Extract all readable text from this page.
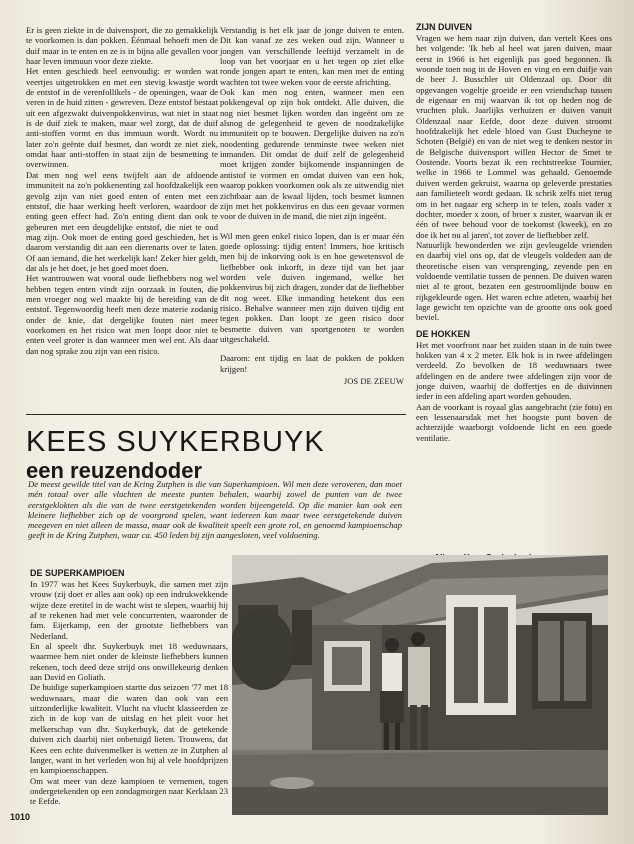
Er is geen ziekte in de duivensport, die zo gemakkelijk te voorkomen is dan pokken. Éénmaal behoeft men de duif maar in te enten en ze is in bijna alle gevallen voor haar leven immuun voor deze ziekte.

Het enten geschiedt heel eenvoudig: er worden wat veertjes uitgetrokken en met een stevig kwastje wordt de entstof in de verenfollikels - de openingen, waar de veren in de huid zitten - gewreven. Deze entstof bestaat uit een afgezwakt duivenpokkenvirus, wat niet in staat is de duif ziek te maken, maar wel zorgt, dat de duif anti-stoffen vormt en dus immuun wordt. Wordt nu later zo'n geënte duif besmet, dan wordt ze niet ziek, omdat haar anti-stoffen in staat zijn de besmetting te overwinnen.

Dat men nog wel eens twijfelt aan de afdoende immuniteit na zo'n pokkenenting zal hoofdzakelijk een gevolg zijn van niet goed enten of enten met een entstof, die haar werking heeft verloren, waardoor de enting geen effect had. Zo'n enting dient dan ook te gebeuren met een deugdelijke entstof, die niet te oud mag zijn. Ook moet de enting goed geschieden, het is daarom verstandig dit aan een dierenarts over te laten. Of aan iemand, die het werkelijk kan! Zeker hier geldt, dat als je het doet, je het goed moet doen.

Het wantrouwen wat vooral oude liefhebbers nog wel hebben tegen enten vindt zijn oorzaak in fouten, die men vroeger nog wel maakte bij de bereiding van de entstof. Tegenwoordig heeft men deze materie zodanig onder de knie, dat dergelijke fouten niet meer voorkomen en het risico wat men loopt door niet te enten veel groter is dan wanneer men wel ent. Als daar dan nog sprake zou zijn van een risico.

Verstandig is het elk jaar de jonge duiven te enten. Dit kan vanaf ze zes weken oud zijn. Wanneer u jongen van verschillende leeftijd verzamelt in de loop van het voorjaar en u het tegen op ziet elke ronde jongen apart te enten, kan men met de enting wachten tot twee weken voor de eerste africhting.

Ook kan men nog enten, wanneer men een pokkengeval op zijn hok ontdekt. Alle duiven, die nog niet besmet lijken worden dan ingeënt om ze alsnog de gelegenheid te geven de noodzakelijke immuniteit op te bouwen. Dergelijke duiven na zo'n noodenting gedurende tenminste twee weken niet inmanden. Dit omdat de duif zelf de gelegenheid moet krijgen zonder bijkomende inspanningen de antistof te vormen en omdat duiven van een hok, waarop pokken voorkomen ook als ze uitwendig niet zichtbaar aan de kwaal lijden, toch besmet kunnen zijn met het pokkenvirus en dus een gevaar vormen voor de duiven in de mand, die niet zijn ingeënt.

Wil men geen enkel risico lopen, dan is er maar één goede oplossing: tijdig enten! Immers, hoe kritisch men bij de inkorving ook is en hoe gewetensvol de liefhebber ook inkorft, in deze tijd van het jaar worden vele duiven ingemand, welke het pokkenvirus bij zich dragen, zonder dat de liefhebber dit nog weet. Elke inmanding betekent dus een risico. Behalve wanneer men zijn duiven tijdig ent tegen pokken. Dan loopt ze geen risico door besmette duiven van sportgenoten te worden uitgeschakeld.

Daarom: ent tijdig en laat de pokken de pokken krijgen!

JOS DE ZEEUW
ZIJN DUIVEN

Vragen we hem naar zijn duiven, dan vertelt Kees ons het volgende: 'Ik heb al heel wat jaren duiven, maar eerst in 1966 is het eigenlijk pas goed begonnen. Ik woonde toen nog in de Hoven en ving en een duifje van de heer J. Busschler uit Oldenzaal op. Door dit opgevangen vogeltje groeide er een vriendschap tussen de eigenaar en mij waarvan ik tot op heden nog de vruchten pluk. Jaarlijks verhuizen er duiven vanuit Oldenzaal naar Eefde, door deze duiven stroomt hoofdzakelijk het edele bloed van Gust Ducheyne te Schoten (België) en van de niet weg te denken nestor in de Belgische duivensport willen Hector de Smet te Oostende. Voorts bezat ik een rechtstreekse Tournier, welke in 1966 te Lommel was gehaald. Genoemde duiven werden gekruist, waarna op geleverde prestaties aan familieteelt wordt gedaan. Ik schrik zelfs niet terug om in het nagaar erg scherp in te telen, zoals vader x dochter, moeder x zoon, of broer x zuster, waarvan ik er één of twee behoud voor de toekomst (kweek), en zo doe ik het nu al jaren', tot zover de liefhebber zelf.

Natuurlijk bewonderden we zijn gevleugelde vrienden en daarbij viel ons op, dat de vleugels voldeden aan de theoretische eisen van versprenging, zevende pen en voldoende ventilatie tussen de pennen. De duiven waren niet al te groot, bezaten een gestroomlijnde bouw en rijkgekleurde ogen. Het waren echte atleten, waarbij het lage gewicht ten opzichte van de grootte ons ook goed beviel.

DE HOKKEN

Het met voorfront naar het zuiden staan in de tuin twee hokken van 4 x 2 meter. Elk hok is in twee afdelingen verdeeld. Zo bevolken de 18 weduwnaars twee afdelingen en de andere twee afdelingen zijn voor de jonge duiven, waarbij de doffertjes en de duivinnen ieder in een afdeling apart worden gehouden.

Aan de voorkant is royaal glas aangebracht (zie foto) en een lessenaarsdak met het hoogste punt boven de achterzijde waarborgt voldoende licht en een goede ventilatie.

KEES SUYKERBUYK
een reuzendoder
De meest gewilde titel van de Kring Zutphen is die van Superkampioen. Wil men deze veroveren, dan moet mén totaal over alle vluchten de meeste punten behalen, waarbij zowel de punten van de twee eerstgeklokten als die van de twee eerstgetekenden worden bijeengeteld. Op die manier kan ook een kleinere liefhebber zich op de voorgrond spelen, want iedereen kan maar twee eerstgetekende duiven meegeven en niet alleen de massa, maar ook de kwaliteit speelt een grote rol, en genoemd kampioenschap geeft in de Kring Zutphen, waar ca. 450 leden bij zijn aangesloten, veel voldoening.
DE SUPERKAMPIOEN

In 1977 was het Kees Suykerbuyk, die samen met zijn vrouw (zij doet er alles aan ook) op een indrukwekkende wijze deze eretitel in de wacht wist te slepen, waarbij hij af te rekenen had met vele concurrenten, waaronder de fam. Eijerkamp, een der grootste liefhebbers van Nederland.

En al speelt dhr. Suykerbuyk met 18 weduwnaars, waarmee hem niet onder de kleinste liefhebbers kunnen rekenen, toch deed deze strijd ons onwillekeurig denken aan David en Goliath.

De huidige superkampioen startte dus seizoen '77 met 18 weduwnaars, maar die waren dan ook van een uitzonderlijke kwaliteit. Vlucht na vlucht klasseerden ze zich in de kop van de uitslag en het pleit voor het melkerschap van dhr. Suykerbuyk, dat de getekende duiven zich daarbij niet onbetuigd lieten. Trouwens, dat Kees een echte duivenmelker is wetten ze in Zutphen al langer, want in het verleden won hij al vele hoofdprijzen en kampioenschappen.

Om wat meer van deze kampioen te vernemen, togen ondergetekenden op een zondagmorgen naar Kerklaan 23 te Eefde.

1010
